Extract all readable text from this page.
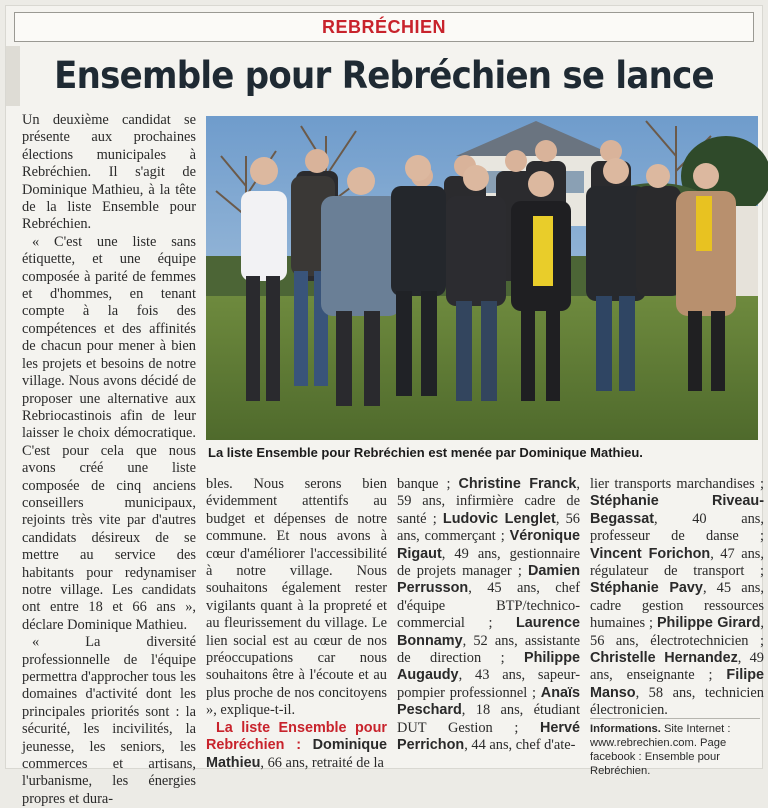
REBRÉCHIEN
Ensemble pour Rebréchien se lance

Un deuxième candidat se présente aux prochaines élections municipales à Rebréchien. Il s'agit de Dominique Mathieu, à la tête de la liste Ensemble pour Rebréchien.

« C'est une liste sans étiquette, et une équipe composée à parité de femmes et d'hommes, en tenant compte à la fois des compétences et des affinités de chacun pour mener à bien les projets et besoins de notre village. Nous avons décidé de proposer une alternative aux Rebriocastinois afin de leur laisser le choix démocratique. C'est pour cela que nous avons créé une liste composée de cinq anciens conseillers municipaux, rejoints très vite par d'autres candidats désireux de se mettre au service des habitants pour redynamiser notre village. Les candidats ont entre 18 et 66 ans », déclare Dominique Mathieu.

« La diversité professionnelle de l'équipe permettra d'approcher tous les domaines d'activité dont les principales priorités sont : la sécurité, les incivilités, la jeunesse, les seniors, les commerces et artisans, l'urbanisme, les énergies propres et dura-

La liste Ensemble pour Rebréchien est menée par Dominique Mathieu.

bles. Nous serons bien évidemment attentifs au budget et dépenses de notre commune. Et nous avons à cœur d'améliorer l'accessibilité à notre village. Nous souhaitons également rester vigilants quant à la propreté et au fleurissement du village. Le lien social est au cœur de nos préoccupations car nous souhaitons être à l'écoute et au plus proche de nos concitoyens », explique-t-il.

La liste Ensemble pour Rebréchien : Dominique Mathieu, 66 ans, retraité de la

banque ; Christine Franck, 59 ans, infirmière cadre de santé ; Ludovic Lenglet, 56 ans, commerçant ; Véronique Rigaut, 49 ans, gestionnaire de projets manager ; Damien Perrusson, 45 ans, chef d'équipe BTP/technico-commercial ; Laurence Bonnamy, 52 ans, assistante de direction ; Philippe Augaudy, 43 ans, sapeur-pompier professionnel ; Anaïs Peschard, 18 ans, étudiant DUT Gestion ; Hervé Perrichon, 44 ans, chef d'ate-

lier transports marchandises ; Stéphanie Riveau-Begassat, 40 ans, professeur de danse ; Vincent Forichon, 47 ans, régulateur de transport ; Stéphanie Pavy, 45 ans, cadre gestion ressources humaines ; Philippe Girard, 56 ans, électrotechnicien ; Christelle Hernandez, 49 ans, enseignante ; Filipe Manso, 58 ans, technicien électronicien.

Informations. Site Internet : www.rebrechien.com. Page facebook : Ensemble pour Rebréchien.
